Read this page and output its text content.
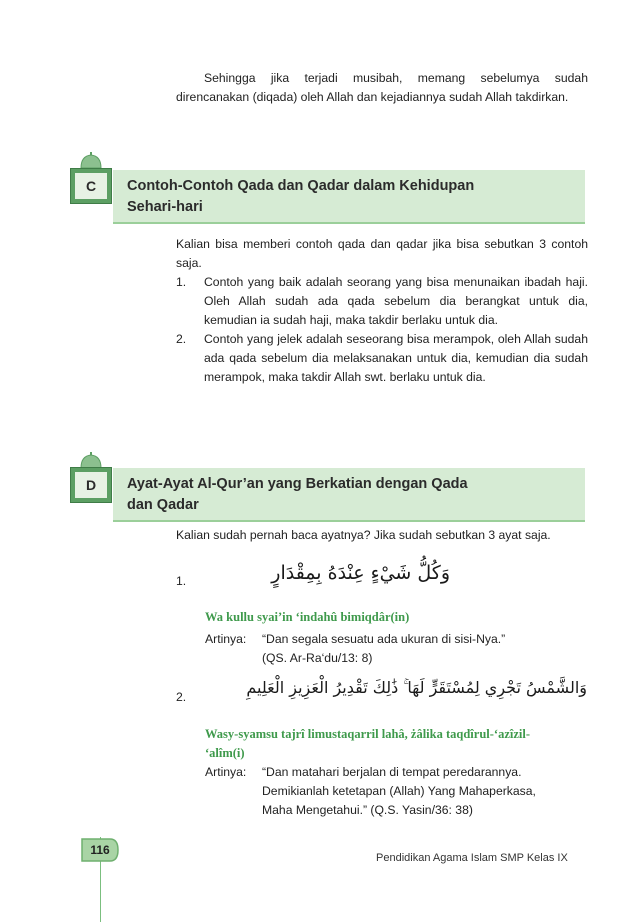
Sehingga jika terjadi musibah, memang sebelumya sudah direncanakan (diqada) oleh Allah dan kejadiannya sudah Allah takdirkan.
C	Contoh-Contoh Qada dan Qadar dalam Kehidupan
Sehari-hari
Kalian bisa memberi contoh qada dan qadar jika bisa sebutkan 3 contoh saja.
1. Contoh yang baik adalah seorang yang bisa menunaikan ibadah haji. Oleh Allah sudah ada qada sebelum dia berangkat untuk dia, kemudian ia sudah haji, maka takdir berlaku untuk dia.
2. Contoh yang jelek adalah seseorang bisa merampok, oleh Allah sudah ada qada sebelum dia melaksanakan untuk dia, kemudian dia sudah merampok, maka takdir Allah swt. berlaku untuk dia.
D	Ayat-Ayat Al-Qur’an yang Berkatian dengan Qada
dan Qadar
Kalian sudah pernah baca ayatnya? Jika sudah sebutkan 3 ayat saja.
1.	وَكُلُّ شَيْءٍ عِنْدَهُ بِمِقْدَارٍ
Wa kullu syai’in ‘indahû bimiqdâr(in)
Artinya: “Dan segala sesuatu ada ukuran di sisi-Nya.”
(QS. Ar-Ra‘du/13: 8)
2.	وَالشَّمْسُ تَجْرِي لِمُسْتَقَرٍّ لَهَا ۚ ذَٰلِكَ تَقْدِيرُ الْعَزِيزِ الْعَلِيمِ
Wasy-syamsu tajrî limustaqarril lahâ, żâlika taqdîrul-‘azîzil-
‘alîm(i)
Artinya: “Dan matahari berjalan di tempat peredarannya.
Demikianlah ketetapan (Allah) Yang Mahaperkasa,
Maha Mengetahui.” (Q.S. Yasin/36: 38)
116
Pendidikan Agama Islam SMP Kelas IX
